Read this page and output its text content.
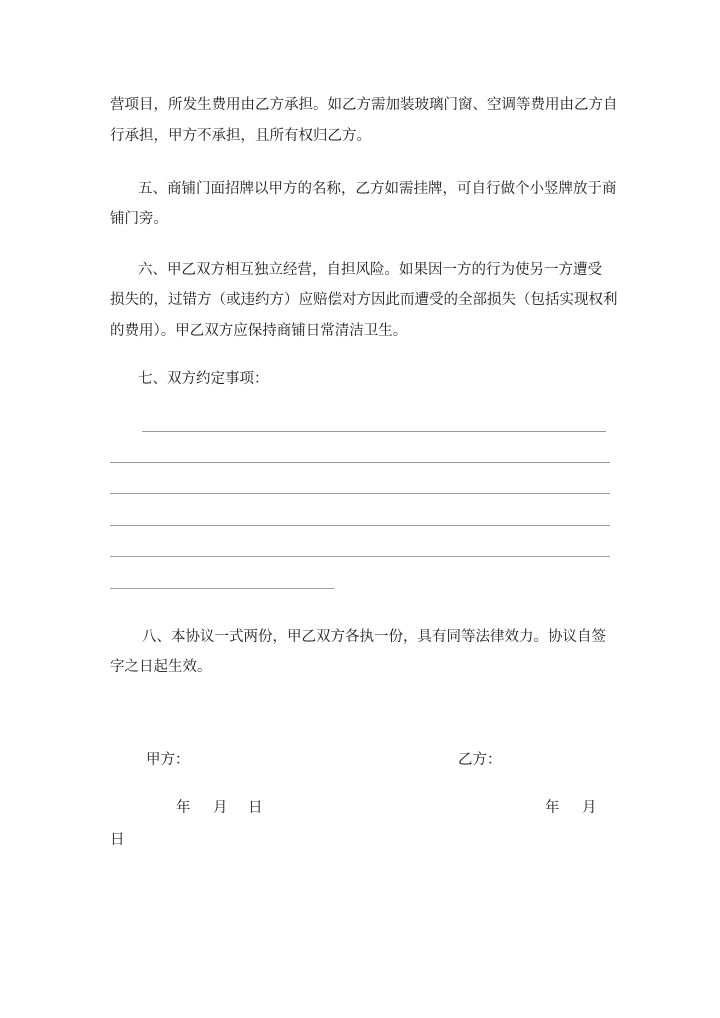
营项目，所发生费用由乙方承担。如乙方需加装玻璃门窗、空调等费用由乙方自
行承担，甲方不承担，且所有权归乙方。
五、商铺门面招牌以甲方的名称，乙方如需挂牌，可自行做个小竖牌放于商
铺门旁。
六、甲乙双方相互独立经营，自担风险。如果因一方的行为使另一方遭受
损失的，过错方（或违约方）应赔偿对方因此而遭受的全部损失（包括实现权利
的费用）。甲乙双方应保持商铺日常清洁卫生。
七、双方约定事项：
八、本协议一式两份，甲乙双方各执一份，具有同等法律效力。协议自签
字之日起生效。
甲方：	乙方：
年 月 日	年 月
日
